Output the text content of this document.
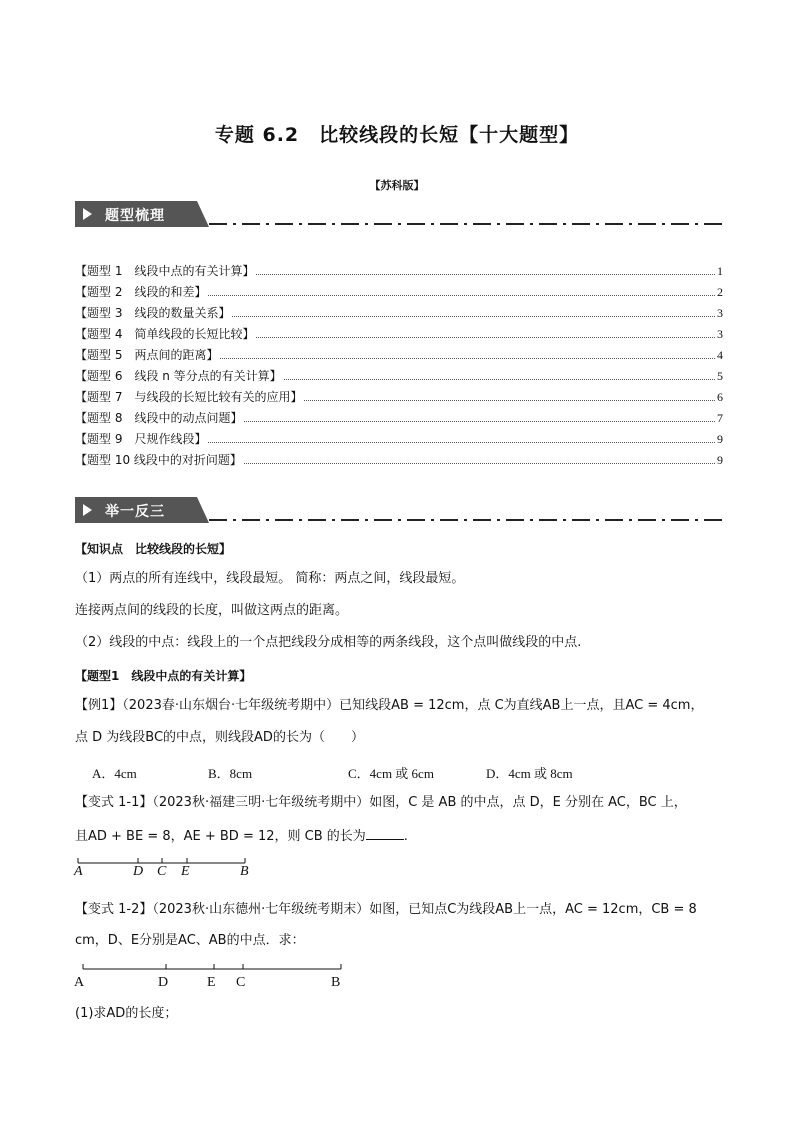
专题 6.2　比较线段的长短【十大题型】
【苏科版】
题型梳理
【题型 1　线段中点的有关计算】	1
【题型 2　线段的和差】	2
【题型 3　线段的数量关系】	3
【题型 4　简单线段的长短比较】	3
【题型 5　两点间的距离】	4
【题型 6　线段 n 等分点的有关计算】	5
【题型 7　与线段的长短比较有关的应用】	6
【题型 8　线段中的动点问题】	7
【题型 9　尺规作线段】	9
【题型 10 线段中的对折问题】	9
举一反三
【知识点　比较线段的长短】
（1）两点的所有连线中，线段最短。 简称：两点之间，线段最短。
连接两点间的线段的长度，叫做这两点的距离。
（2）线段的中点：线段上的一个点把线段分成相等的两条线段，这个点叫做线段的中点.
【题型1　线段中点的有关计算】
【例1】（2023春·山东烟台·七年级统考期中）已知线段AB = 12cm，点 C为直线AB上一点，且AC = 4cm，
点 D 为线段BC的中点，则线段AD的长为（　　）
A．4cm	B．8cm	C．4cm 或 6cm	D．4cm 或 8cm
【变式 1-1】（2023秋·福建三明·七年级统考期中）如图，C 是 AB 的中点，点 D，E 分别在 AC，BC 上，
且AD + BE = 8，AE + BD = 12，则 CB 的长为	.
A	D C E	B
【变式 1-2】（2023秋·山东德州·七年级统考期末）如图，已知点C为线段AB上一点，AC = 12cm，CB = 8
cm，D、E分别是AC、AB的中点．求：
A	D	E C	B
(1)求AD的长度；
